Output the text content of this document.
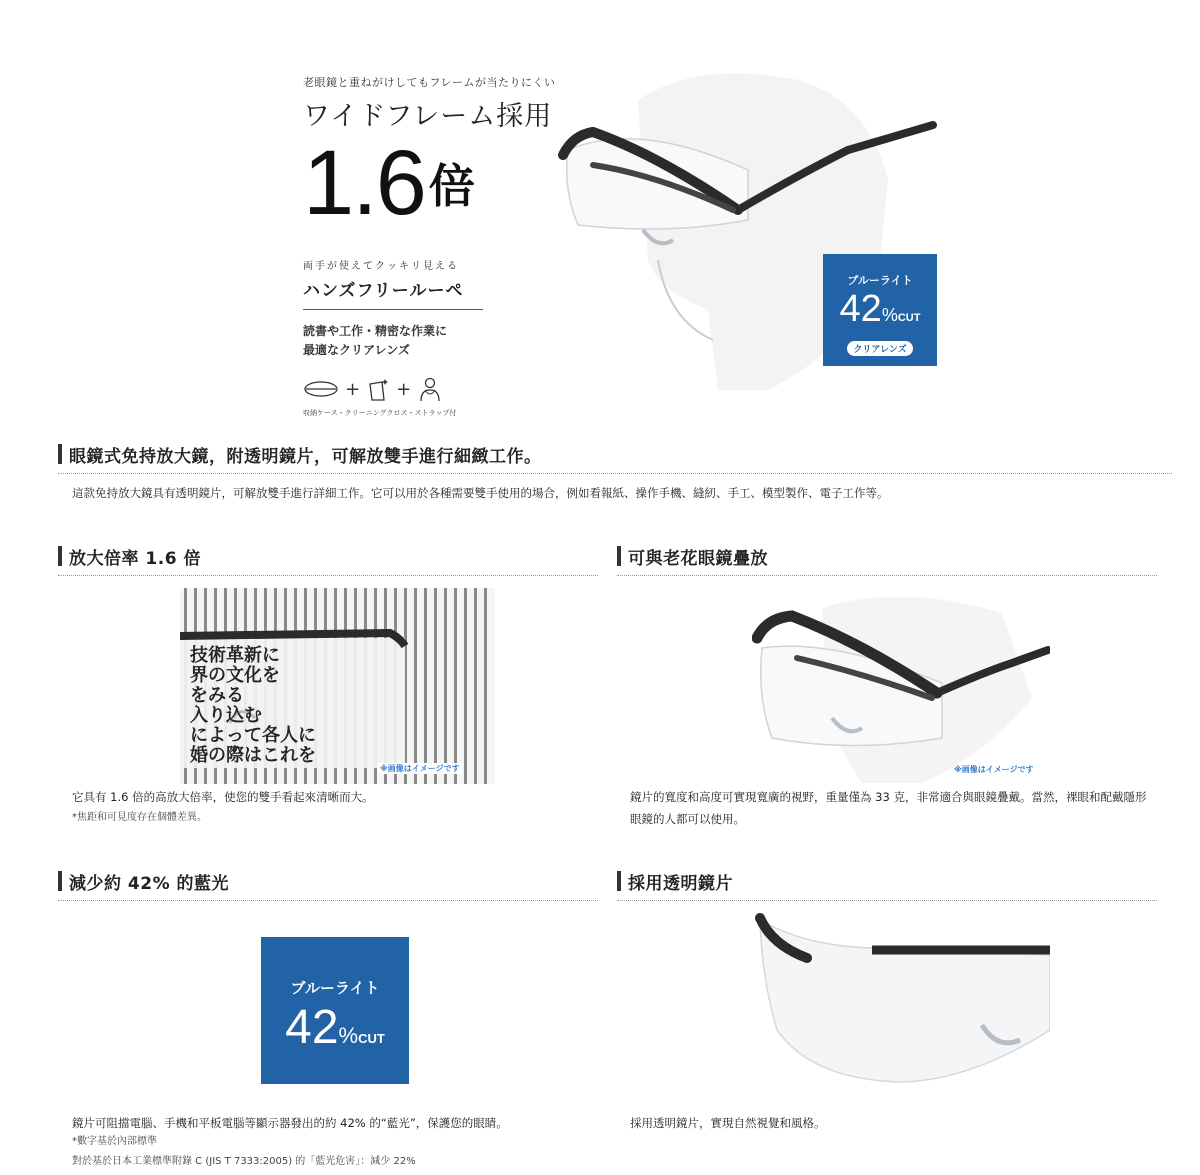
老眼鏡と重ねがけしてもフレームが当たりにくい
ワイドフレーム採用
1.6倍
両手が使えてクッキリ見える
ハンズフリールーペ
読書や工作・精密な作業に
最適なクリアレンズ
+ +
収納ケース・クリーニングクロス・ストラップ付
ブルーライト
42%CUT
クリアレンズ
眼鏡式免持放大鏡，附透明鏡片，可解放雙手進行細緻工作。
這款免持放大鏡具有透明鏡片，可解放雙手進行詳細工作。它可以用於各種需要雙手使用的場合，例如看報紙、操作手機、縫紉、手工、模型製作、電子工作等。
放大倍率 1.6 倍
技術革新に
界の文化を
をみる
入り込む
によって各人に
婚の際はこれを
※画像はイメージです
它具有 1.6 倍的高放大倍率，使您的雙手看起來清晰而大。
*焦距和可見度存在個體差異。
可與老花眼鏡疊放
※画像はイメージです
鏡片的寬度和高度可實現寬廣的視野，重量僅為 33 克，非常適合與眼鏡疊戴。當然，裸眼和配戴隱形眼鏡的人都可以使用。
減少約 42% 的藍光
ブルーライト
42%CUT
鏡片可阻擋電腦、手機和平板電腦等顯示器發出的約 42% 的“藍光”，保護您的眼睛。
*數字基於內部標準
對於基於日本工業標準附錄 C (JIS T 7333:2005) 的「藍光危害」：減少 22%
採用透明鏡片
採用透明鏡片，實現自然視覺和風格。
